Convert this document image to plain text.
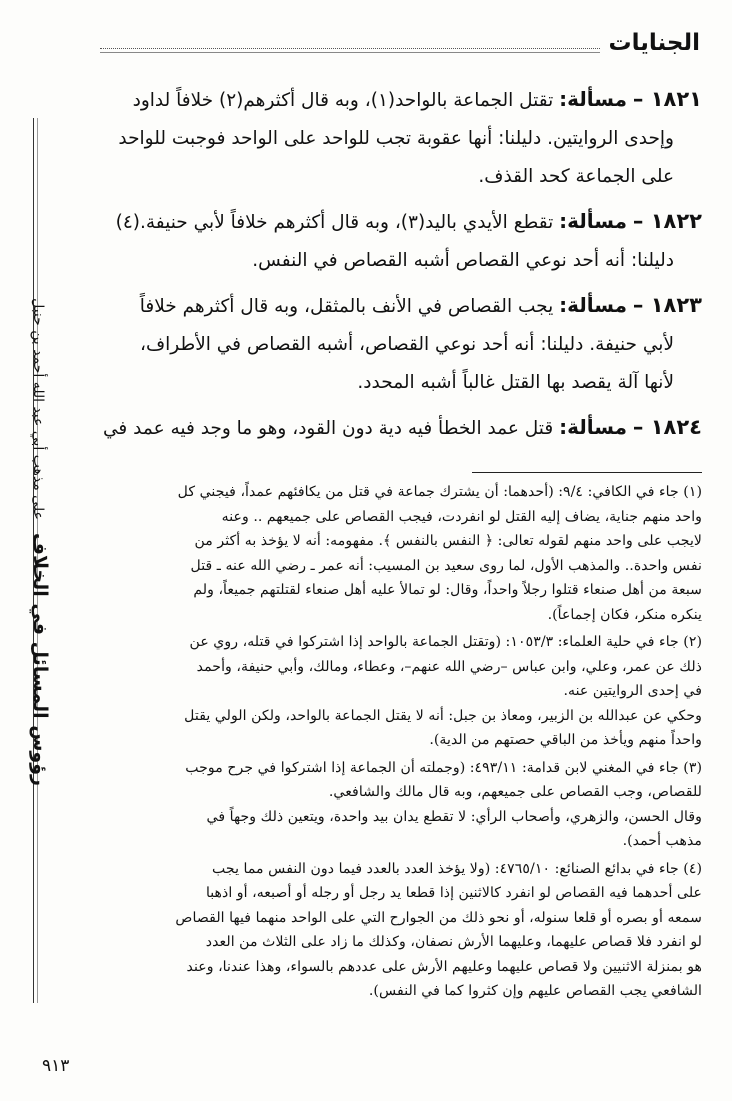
الجنايات

١٨٢١ – مسألة: تقتل الجماعة بالواحد(١)، وبه قال أكثرهم(٢) خلافاً لداود
وإحدى الروايتين. دليلنا: أنها عقوبة تجب للواحد على الواحد فوجبت للواحد
على الجماعة كحد القذف.

١٨٢٢ – مسألة: تقطع الأيدي باليد(٣)، وبه قال أكثرهم خلافاً لأبي حنيفة.(٤)
دليلنا: أنه أحد نوعي القصاص أشبه القصاص في النفس.

١٨٢٣ – مسألة: يجب القصاص في الأنف بالمثقل، وبه قال أكثرهم خلافاً
لأبي حنيفة. دليلنا: أنه أحد نوعي القصاص، أشبه القصاص في الأطراف،
لأنها آلة يقصد بها القتل غالباً أشبه المحدد.

١٨٢٤ – مسألة: قتل عمد الخطأ فيه دية دون القود، وهو ما وجد فيه عمد في

(١) جاء في الكافي: ٩/٤: (أحدهما: أن يشترك جماعة في قتل من يكافئهم عمداً، فيجني كل
واحد منهم جناية، يضاف إليه القتل لو انفردت، فيجب القصاص على جميعهم .. وعنه
لايجب على واحد منهم لقوله تعالى: ﴿ النفس بالنفس ﴾. مفهومه: أنه لا يؤخذ به أكثر من
نفس واحدة.. والمذهب الأول، لما روى سعيد بن المسيب: أنه عمر ـ رضي الله عنه ـ قتل
سبعة من أهل صنعاء قتلوا رجلاً واحداً، وقال: لو تمالأ عليه أهل صنعاء لقتلتهم جميعاً، ولم
ينكره منكر، فكان إجماعاً).

(٢) جاء في حلية العلماء: ١٠٥٣/٣: (وتقتل الجماعة بالواحد إذا اشتركوا في قتله، روي عن
ذلك عن عمر، وعلي، وابن عباس –رضي الله عنهم–، وعطاء، ومالك، وأبي حنيفة، وأحمد
في إحدى الروايتين عنه.
وحكي عن عبدالله بن الزبير، ومعاذ بن جبل: أنه لا يقتل الجماعة بالواحد، ولكن الولي يقتل
واحداً منهم ويأخذ من الباقي حصتهم من الدية).

(٣) جاء في المغني لابن قدامة: ٤٩٣/١١: (وجملته أن الجماعة إذا اشتركوا في جرح موجب
للقصاص، وجب القصاص على جميعهم، وبه قال مالك والشافعي.
وقال الحسن، والزهري، وأصحاب الرأي: لا تقطع يدان بيد واحدة، ويتعين ذلك وجهاً في
مذهب أحمد).

(٤) جاء في بدائع الصنائع: ٤٧٦٥/١٠: (ولا يؤخذ العدد بالعدد فيما دون النفس مما يجب
على أحدهما فيه القصاص لو انفرد كالاثنين إذا قطعا يد رجل أو رجله أو أصبعه، أو اذهبا
سمعه أو بصره أو قلعا سنوله، أو نحو ذلك من الجوارح التي على الواحد منهما فيها القصاص
لو انفرد فلا قصاص عليهما، وعليهما الأرش نصفان، وكذلك ما زاد على الثلاث من العدد
هو بمنزلة الاثنيين ولا قصاص عليهما وعليهم الأرش على عددهم بالسواء، وهذا عندنا، وعند
الشافعي يجب القصاص عليهم وإن كثروا كما في النفس).

رؤوس المسائل في الخلاف على مذهب أبي عبد الله أحمد بن حنبل
٩١٣
